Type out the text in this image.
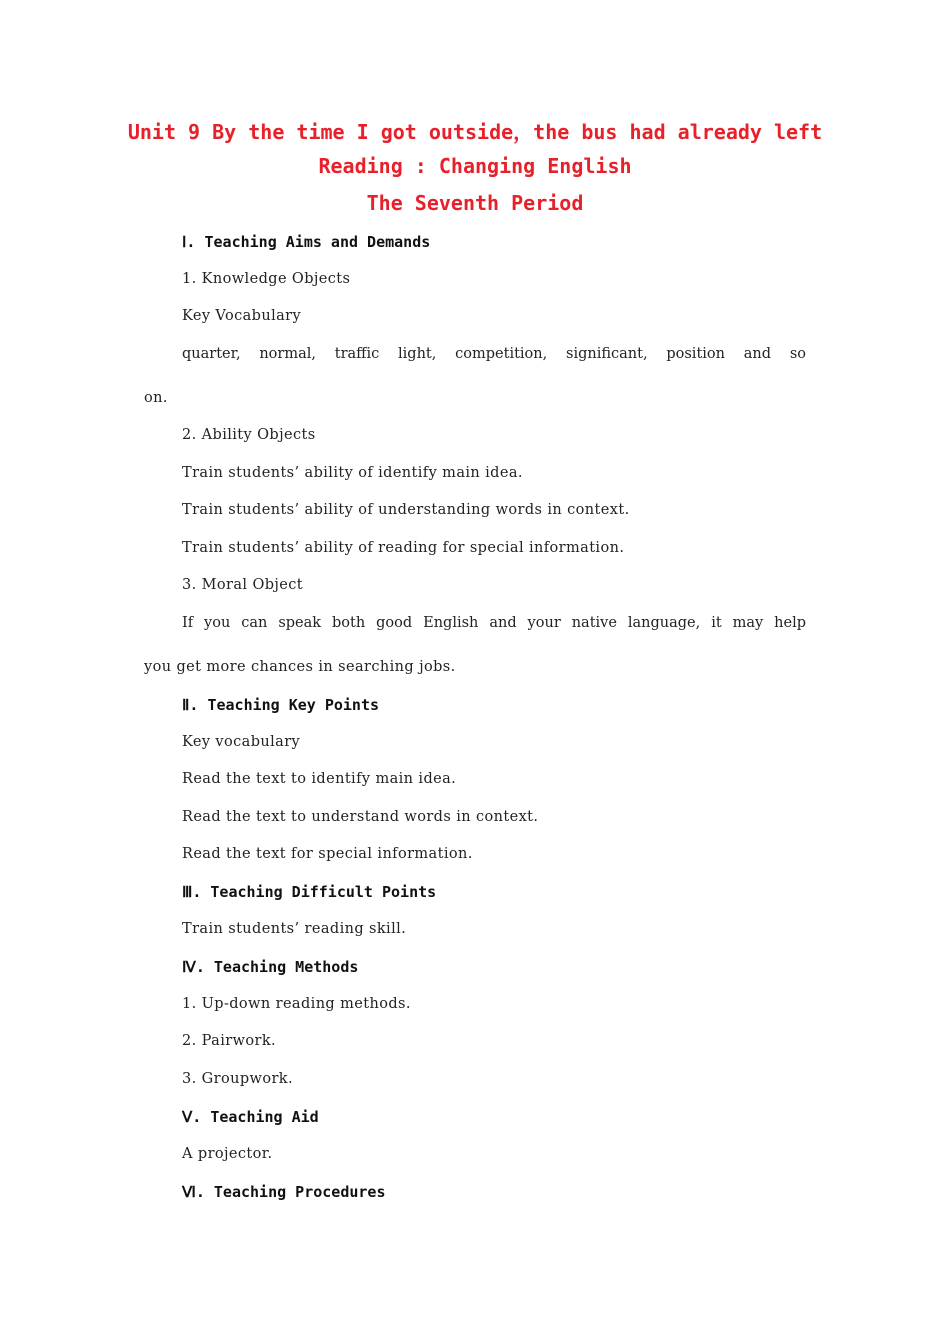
Unit 9 By the time I got outside，the bus had already left
Reading : Changing English
The Seventh Period
Ⅰ. Teaching Aims and Demands
1. Knowledge Objects
Key Vocabulary
quarter, normal, traffic light, competition, significant, position and so
on.
2. Ability Objects
Train students’ ability of identify main idea.
Train students’ ability of understanding words in context.
Train students’ ability of reading for special information.
3. Moral Object
If you can speak both good English and your native language, it may help
you get more chances in searching jobs.
Ⅱ. Teaching Key Points
Key vocabulary
Read the text to identify main idea.
Read the text to understand words in context.
Read the text for special information.
Ⅲ. Teaching Difficult Points
Train students’ reading skill.
Ⅳ. Teaching Methods
1. Up-down reading methods.
2. Pairwork.
3. Groupwork.
Ⅴ. Teaching Aid
A projector.
Ⅵ. Teaching Procedures
